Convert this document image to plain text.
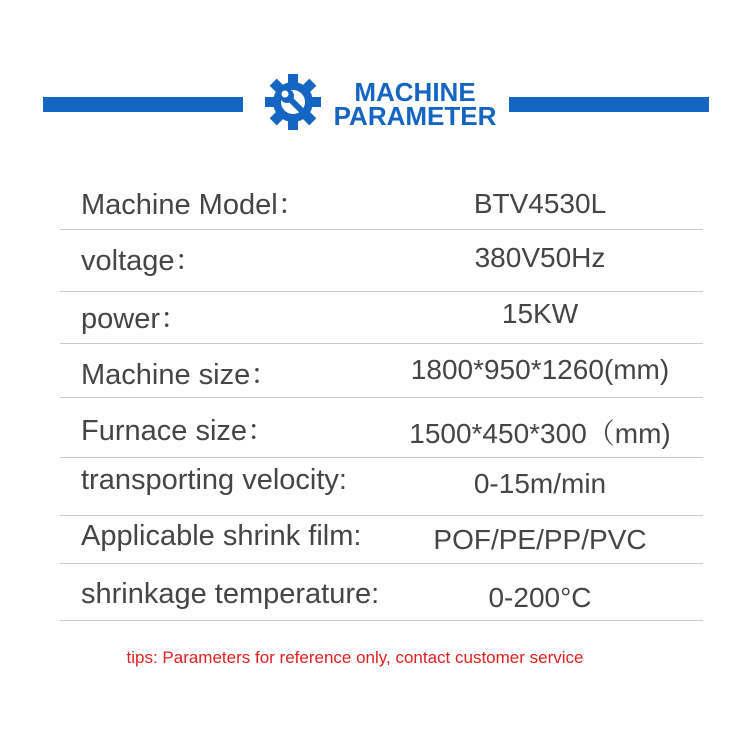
MACHINE
PARAMETER
Machine Model：	BTV4530L
voltage：	380V50Hz
power：	15KW
Machine size：	1800*950*1260(mm)
Furnace size：	1500*450*300（mm)
transporting velocity:	0-15m/min
Applicable shrink film:	POF/PE/PP/PVC
shrinkage temperature:	0-200°C
tips: Parameters for reference only, contact customer service
